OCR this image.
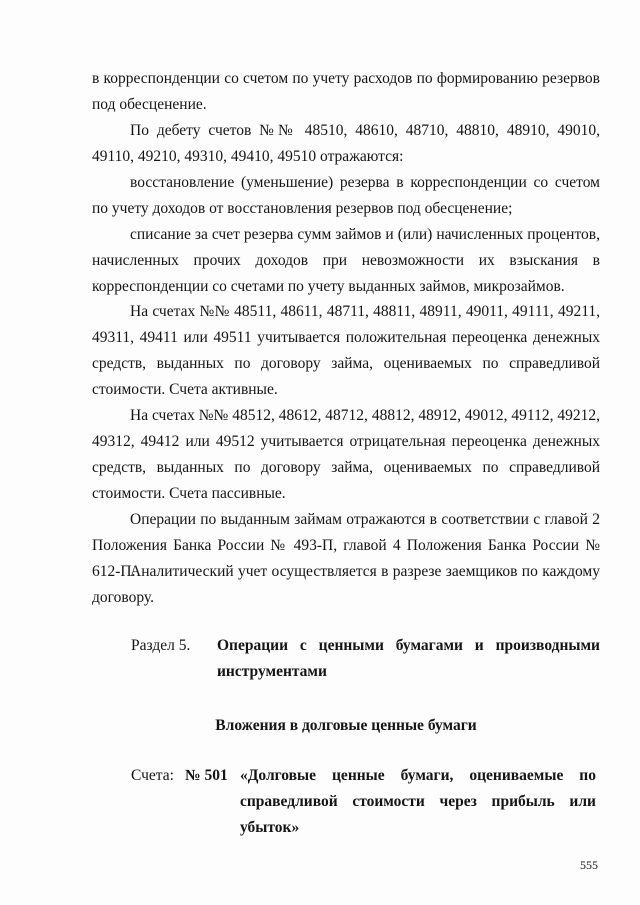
в корреспонденции со счетом по учету расходов по формированию резервов под обесценение.

По дебету счетов №№ 48510, 48610, 48710, 48810, 48910, 49010, 49110, 49210, 49310, 49410, 49510 отражаются:

восстановление (уменьшение) резерва в корреспонденции со счетом по учету доходов от восстановления резервов под обесценение;

списание за счет резерва сумм займов и (или) начисленных процентов, начисленных прочих доходов при невозможности их взыскания в корреспонденции со счетами по учету выданных займов, микрозаймов.

На счетах №№ 48511, 48611, 48711, 48811, 48911, 49011, 49111, 49211, 49311, 49411 или 49511 учитывается положительная переоценка денежных средств, выданных по договору займа, оцениваемых по справедливой стоимости. Счета активные.

На счетах №№ 48512, 48612, 48712, 48812, 48912, 49012, 49112, 49212, 49312, 49412 или 49512 учитывается отрицательная переоценка денежных средств, выданных по договору займа, оцениваемых по справедливой стоимости. Счета пассивные.

Операции по выданным займам отражаются в соответствии с главой 2 Положения Банка России № 493-П, главой 4 Положения Банка России № 612-П.

Аналитический учет осуществляется в разрезе заемщиков по каждому договору.

Раздел 5. Операции с ценными бумагами и производными инструментами
Вложения в долговые ценные бумаги
Счета: № 501 «Долговые ценные бумаги, оцениваемые по справедливой стоимости через прибыль или убыток»
555
